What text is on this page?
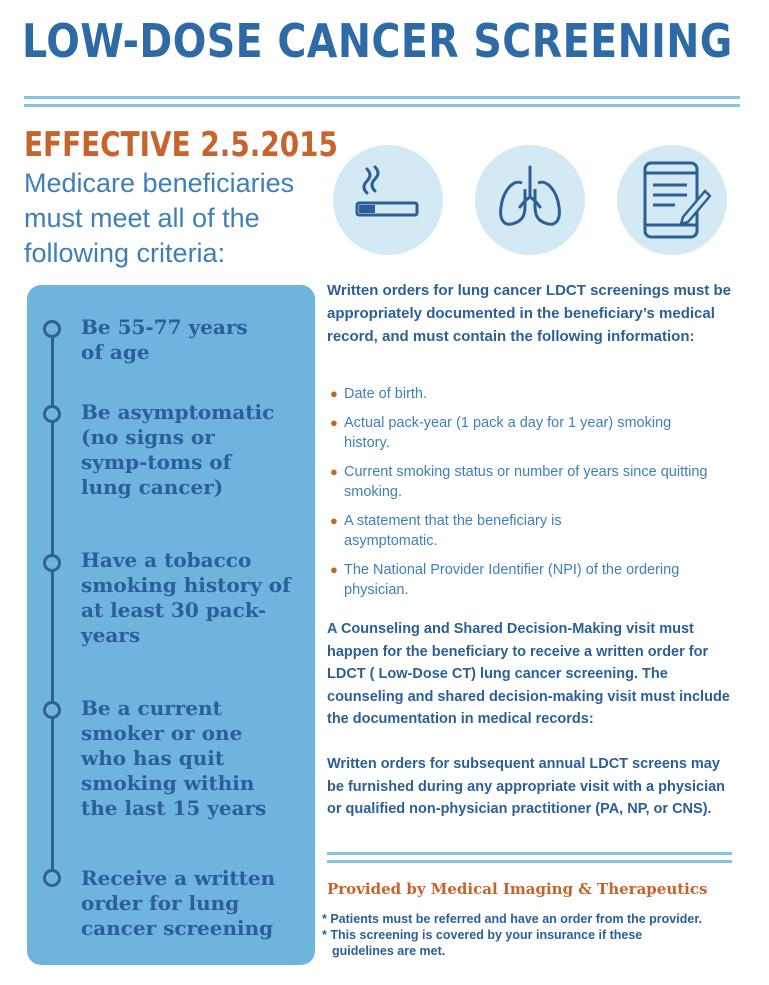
LOW-DOSE CANCER SCREENING
EFFECTIVE 2.5.2015
Medicare beneficiaries must meet all of the following criteria:
Be 55-77 years of age
Be asymptomatic (no signs or symp-toms of lung cancer)
Have a tobacco smoking history of at least 30 pack-years
Be a current smoker or one who has quit smoking within the last 15 years
Receive a written order for lung cancer screening
Written orders for lung cancer LDCT screenings must be appropriately documented in the beneficiary’s medical record, and must contain the following information:
● Date of birth.
● Actual pack-year (1 pack a day for 1 year) smoking history.
● Current smoking status or number of years since quitting smoking.
● A statement that the beneficiary is asymptomatic.
● The National Provider Identifier (NPI) of the ordering physician.
A Counseling and Shared Decision-Making visit must happen for the beneficiary to receive a written order for LDCT ( Low-Dose CT) lung cancer screening. The counseling and shared decision-making visit must include the documentation in medical records:
Written orders for subsequent annual LDCT screens may be furnished during any appropriate visit with a physician or qualified non-physician practitioner (PA, NP, or CNS).
Provided by Medical Imaging & Therapeutics
* Patients must be referred and have an order from the provider.
* This screening is covered by your insurance if these guidelines are met.
